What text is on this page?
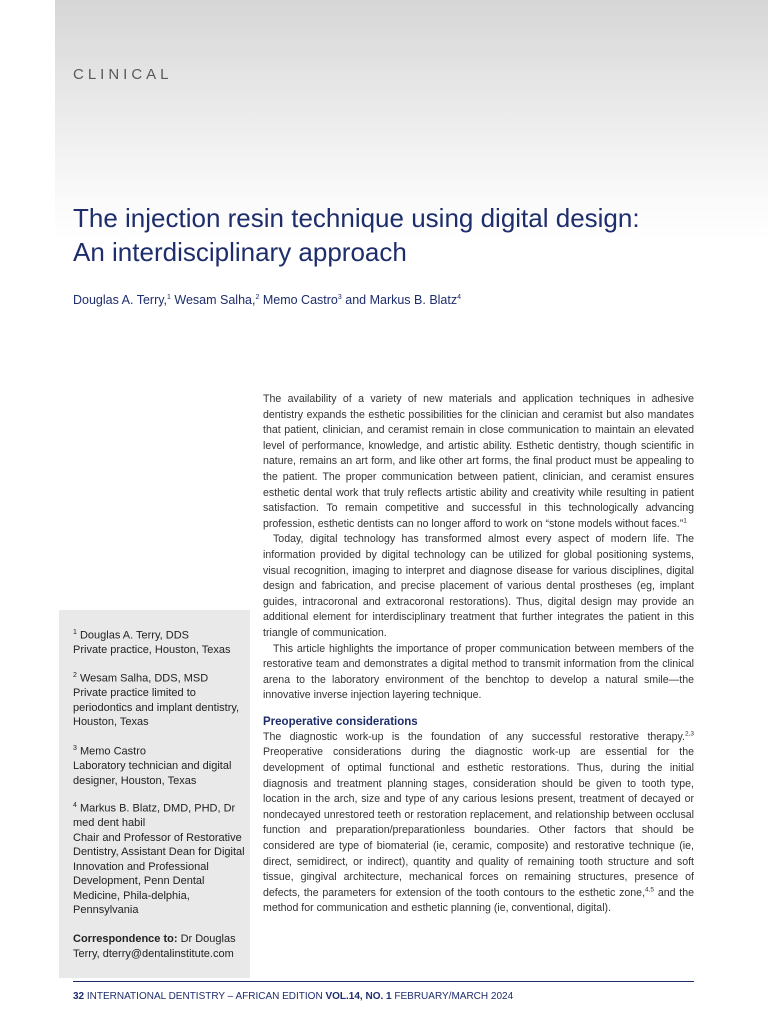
CLINICAL
The injection resin technique using digital design:
An interdisciplinary approach
Douglas A. Terry,$^1$ Wesam Salha,$^2$ Memo Castro$^3$ and Markus B. Blatz$^4$
$^1$ Douglas A. Terry, DDS
Private practice, Houston, Texas
$^2$ Wesam Salha, DDS, MSD
Private practice limited to periodontics and implant dentistry, Houston, Texas
$^3$ Memo Castro
Laboratory technician and digital designer, Houston, Texas
$^4$ Markus B. Blatz, DMD, PHD, Dr med dent habil
Chair and Professor of Restorative Dentistry, Assistant Dean for Digital Innovation and Professional Development, Penn Dental Medicine, Phila-delphia, Pennsylvania
Correspondence to: Dr Douglas Terry, dterry@dentalinstitute.com

The availability of a variety of new materials and application techniques in adhesive dentistry expands the esthetic possibilities for the clinician and ceramist but also mandates that patient, clinician, and ceramist remain in close communication to maintain an elevated level of performance, knowledge, and artistic ability. Esthetic dentistry, though scientific in nature, remains an art form, and like other art forms, the final product must be appealing to the patient. The proper communication between patient, clinician, and ceramist ensures esthetic dental work that truly reflects artistic ability and creativity while resulting in patient satisfaction. To remain competitive and successful in this technologically advancing profession, esthetic dentists can no longer afford to work on “stone models without faces.”$^1$

Today, digital technology has transformed almost every aspect of modern life. The information provided by digital technology can be utilized for global positioning systems, visual recognition, imaging to interpret and diagnose disease for various disciplines, digital design and fabrication, and precise placement of various dental prostheses (eg, implant guides, intracoronal and extracoronal restorations). Thus, digital design may provide an additional element for interdisciplinary treatment that further integrates the patient in this triangle of communication.

This article highlights the importance of proper communication between members of the restorative team and demonstrates a digital method to transmit information from the clinical arena to the laboratory environment of the benchtop to develop a natural smile—the innovative inverse injection layering technique.

Preoperative considerations

The diagnostic work-up is the foundation of any successful restorative therapy.$^{2,3}$ Preoperative considerations during the diagnostic work-up are essential for the development of optimal functional and esthetic restorations. Thus, during the initial diagnosis and treatment planning stages, consideration should be given to tooth type, location in the arch, size and type of any carious lesions present, treatment of decayed or nondecayed unrestored teeth or restoration replacement, and relationship between occlusal function and preparation/preparationless boundaries. Other factors that should be considered are type of biomaterial (ie, ceramic, composite) and restorative technique (ie, direct, semidirect, or indirect), quantity and quality of remaining tooth structure and soft tissue, gingival architecture, mechanical forces on remaining structures, presence of defects, the parameters for extension of the tooth contours to the esthetic zone,$^{4,5}$ and the method for communication and esthetic planning (ie, conventional, digital).

32 INTERNATIONAL DENTISTRY – AFRICAN EDITION VOL.14, NO. 1 FEBRUARY/MARCH 2024
